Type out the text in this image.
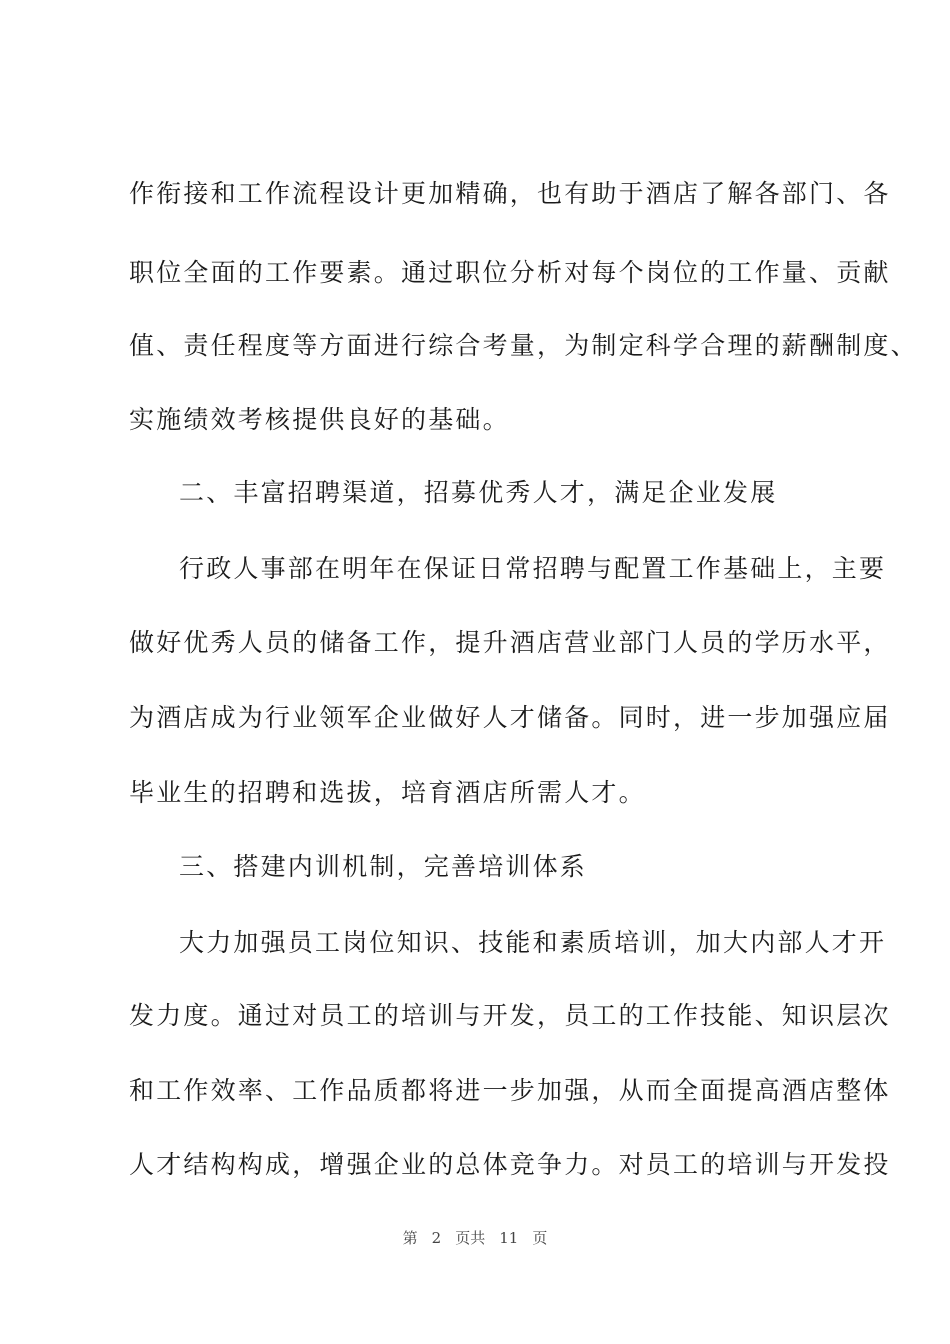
作衔接和工作流程设计更加精确，也有助于酒店了解各部门、各
职位全面的工作要素。通过职位分析对每个岗位的工作量、贡献
值、责任程度等方面进行综合考量，为制定科学合理的薪酬制度、
实施绩效考核提供良好的基础。
二、丰富招聘渠道，招募优秀人才，满足企业发展
行政人事部在明年在保证日常招聘与配置工作基础上，主要
做好优秀人员的储备工作，提升酒店营业部门人员的学历水平，
为酒店成为行业领军企业做好人才储备。同时，进一步加强应届
毕业生的招聘和选拔，培育酒店所需人才。
三、搭建内训机制，完善培训体系
大力加强员工岗位知识、技能和素质培训，加大内部人才开
发力度。通过对员工的培训与开发，员工的工作技能、知识层次
和工作效率、工作品质都将进一步加强，从而全面提高酒店整体
人才结构构成，增强企业的总体竞争力。对员工的培训与开发投
第 2 页共 11 页
